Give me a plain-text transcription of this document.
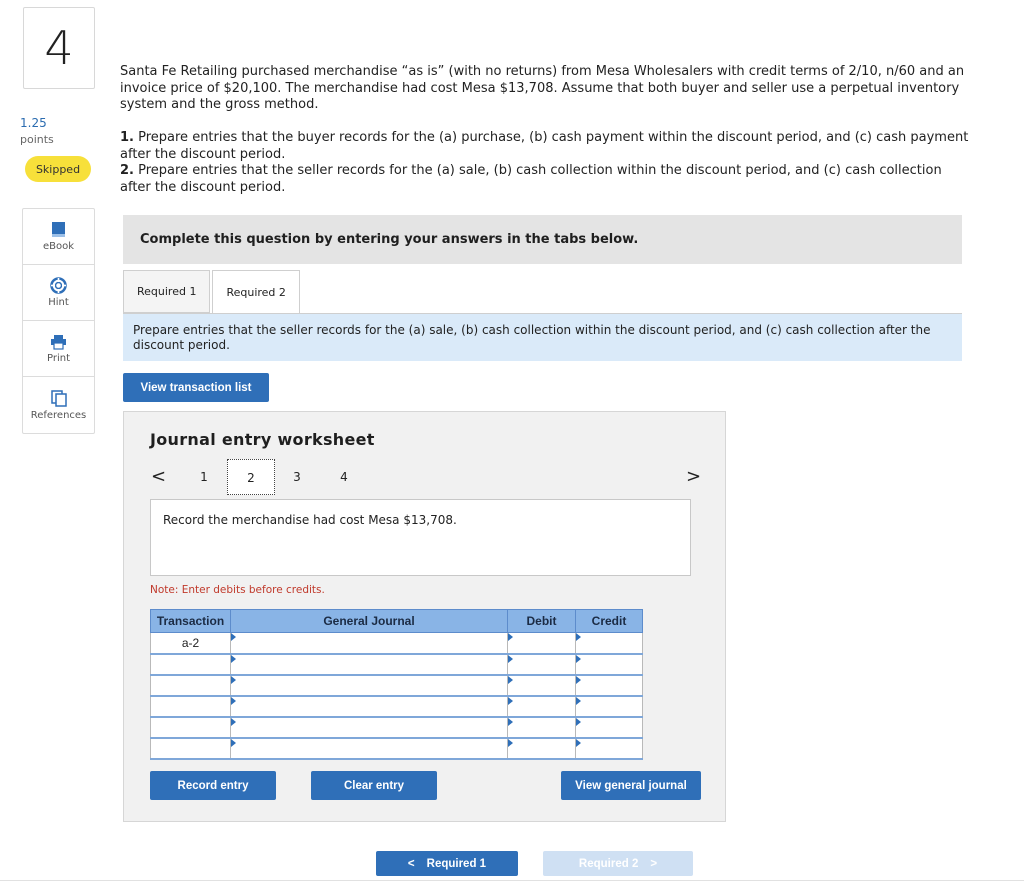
4
1.25
points
Skipped
eBook
Hint
Print
References

Santa Fe Retailing purchased merchandise “as is” (with no returns) from Mesa Wholesalers with credit terms of 2/10, n/60 and an invoice price of $20,100. The merchandise had cost Mesa $13,708. Assume that both buyer and seller use a perpetual inventory system and the gross method.

1. Prepare entries that the buyer records for the (a) purchase, (b) cash payment within the discount period, and (c) cash payment after the discount period.

2. Prepare entries that the seller records for the (a) sale, (b) cash collection within the discount period, and (c) cash collection after the discount period.

Complete this question by entering your answers in the tabs below.
Required 1	Required 2
Prepare entries that the seller records for the (a) sale, (b) cash collection within the discount period, and (c) cash collection after the discount period.
View transaction list
Journal entry worksheet
<	1	2	3	4	>
Record the merchandise had cost Mesa $13,708.
Note: Enter debits before credits.
Transaction	General Journal	Debit	Credit
a-2	

Record entry	Clear entry	View general journal
< Required 1	Required 2 >
